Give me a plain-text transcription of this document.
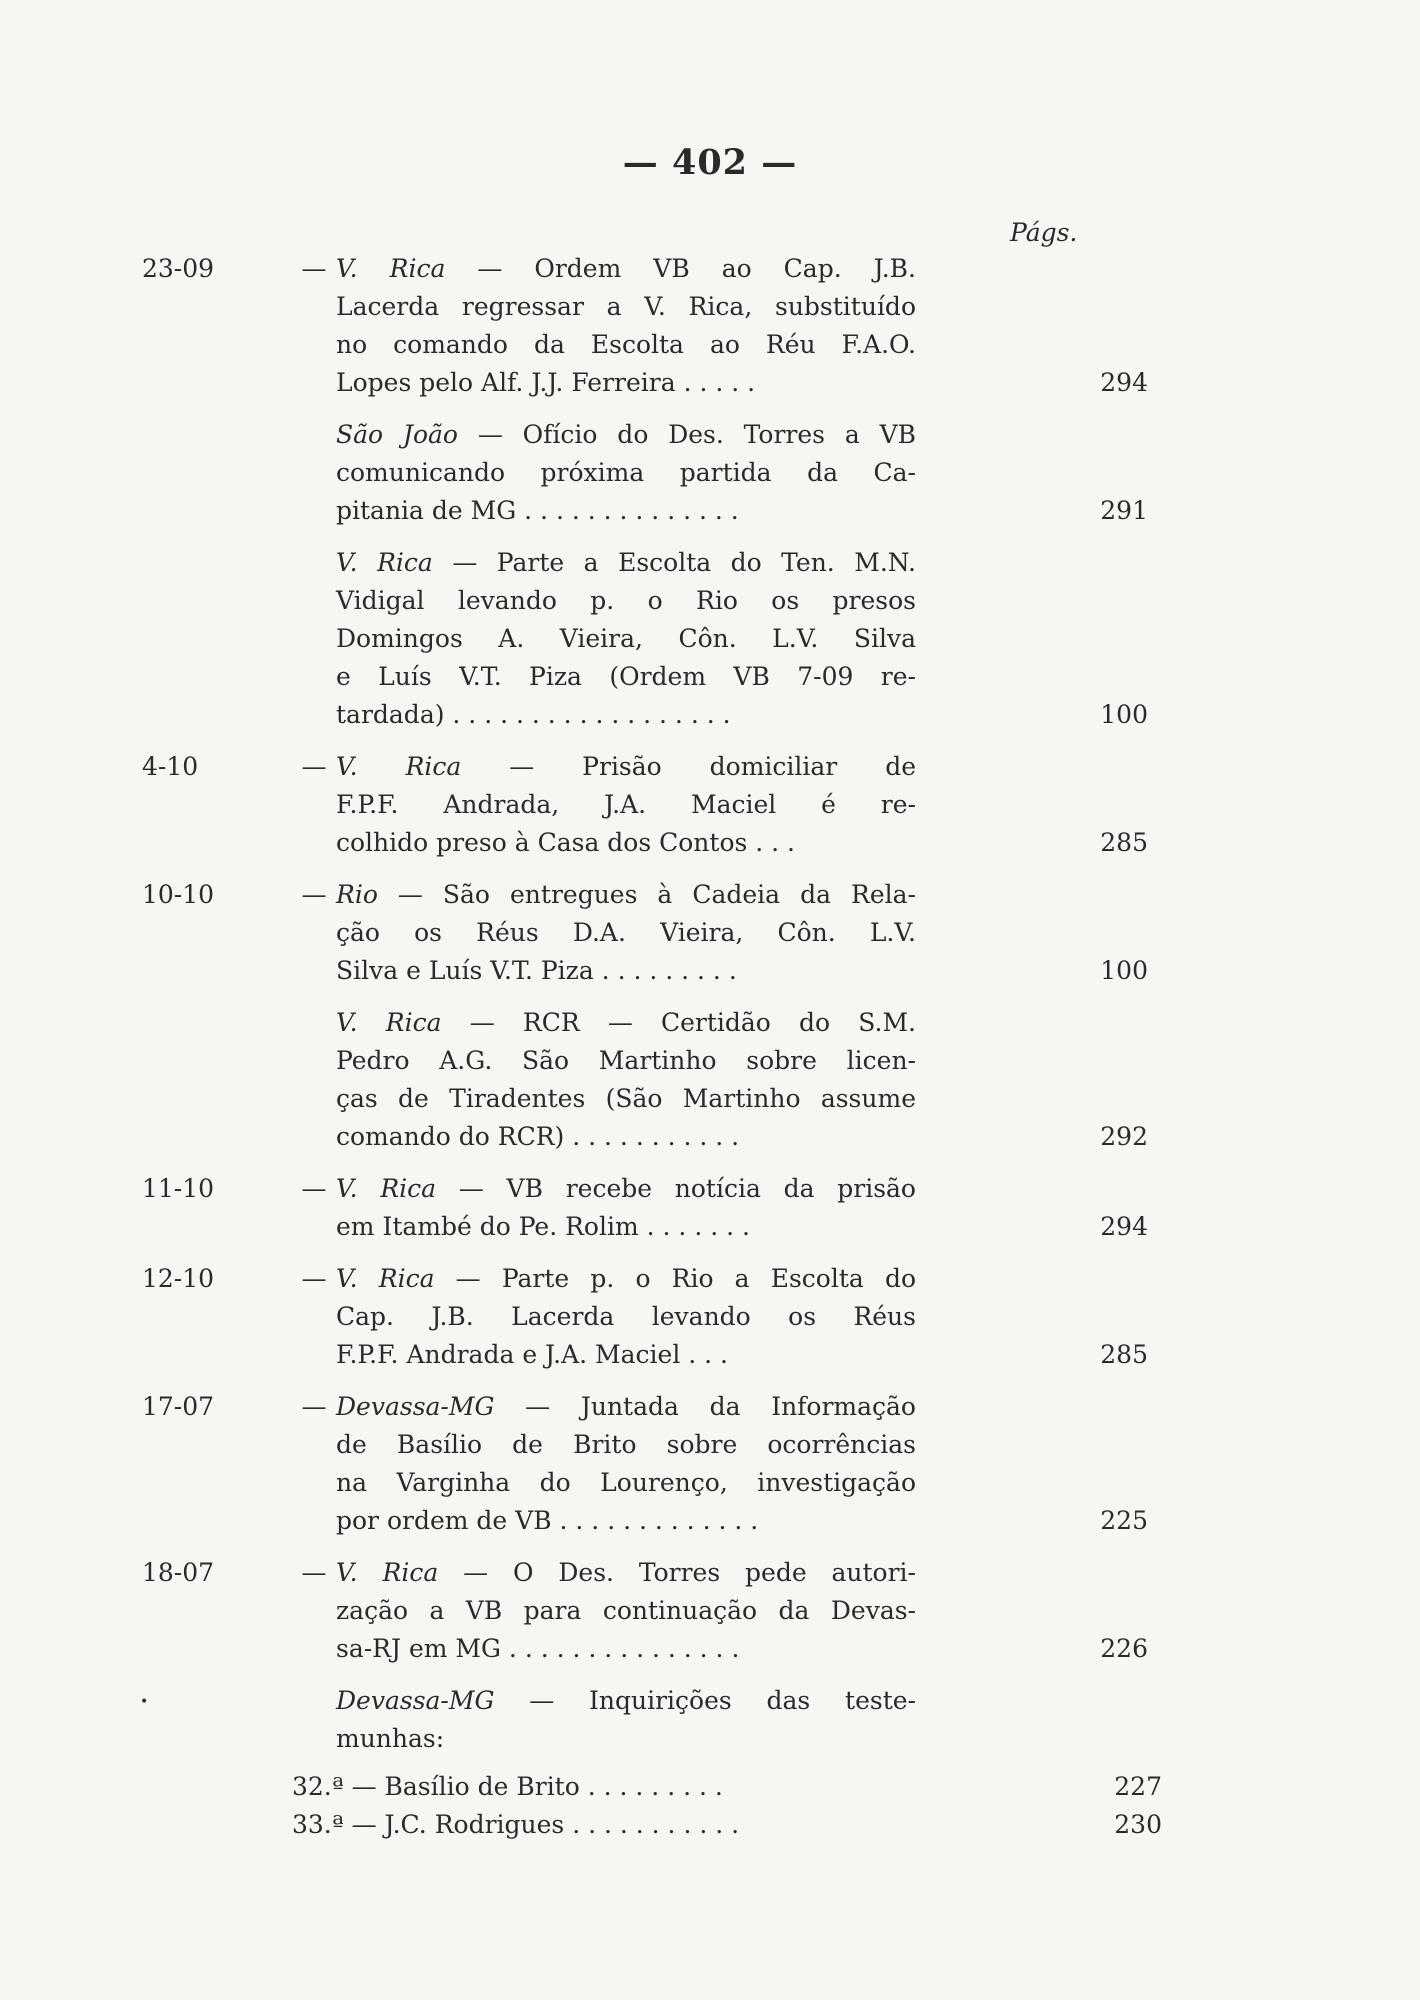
— 402 —
Págs.
23-09	— V. Rica — Ordem VB ao Cap. J.B.
Lacerda regressar a V. Rica, substituído
no comando da Escolta ao Réu F.A.O.
Lopes pelo Alf. J.J. Ferreira . . . . .	294
São João — Ofício do Des. Torres a VB
comunicando próxima partida da Ca-
pitania de MG . . . . . . . . . . . . . .	291
V. Rica — Parte a Escolta do Ten. M.N.
Vidigal levando p. o Rio os presos
Domingos A. Vieira, Côn. L.V. Silva
e Luís V.T. Piza (Ordem VB 7-09 re-
tardada) . . . . . . . . . . . . . . . . . .	100
4-10	— V. Rica — Prisão domiciliar de
F.P.F. Andrada, J.A. Maciel é re-
colhido preso à Casa dos Contos . . .	285
10-10	— Rio — São entregues à Cadeia da Rela-
ção os Réus D.A. Vieira, Côn. L.V.
Silva e Luís V.T. Piza . . . . . . . . .	100
V. Rica — RCR — Certidão do S.M.
Pedro A.G. São Martinho sobre licen-
ças de Tiradentes (São Martinho assume
comando do RCR) . . . . . . . . . . .	292
11-10	— V. Rica — VB recebe notícia da prisão
em Itambé do Pe. Rolim . . . . . . .	294
12-10	— V. Rica — Parte p. o Rio a Escolta do
Cap. J.B. Lacerda levando os Réus
F.P.F. Andrada e J.A. Maciel . . .	285
17-07	— Devassa-MG — Juntada da Informação
de Basílio de Brito sobre ocorrências
na Varginha do Lourenço, investigação
por ordem de VB . . . . . . . . . . . . .	225
18-07	— V. Rica — O Des. Torres pede autori-
zação a VB para continuação da Devas-
sa-RJ em MG . . . . . . . . . . . . . . .	226
•	Devassa-MG — Inquirições das teste-
munhas:
32.ª — Basílio de Brito . . . . . . . . .	227
33.ª — J.C. Rodrigues . . . . . . . . . . .	230
